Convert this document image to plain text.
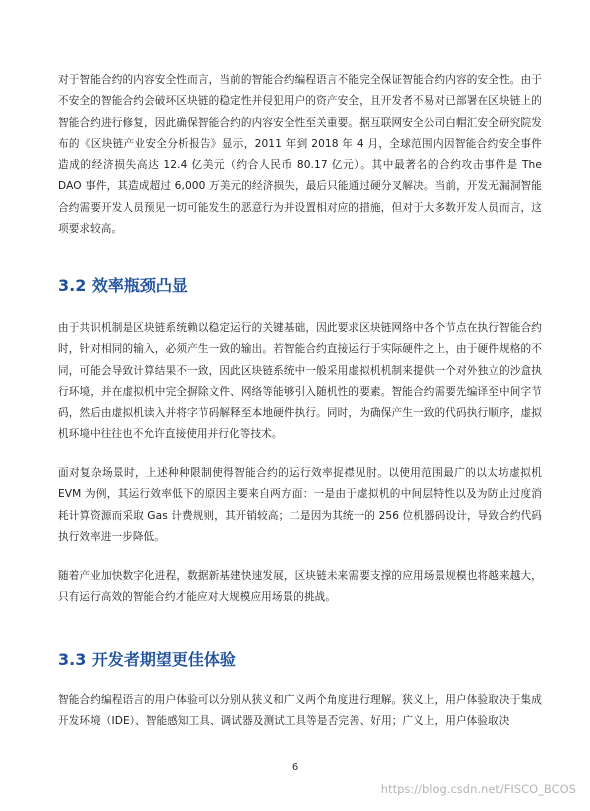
对于智能合约的内容安全性而言，当前的智能合约编程语言不能完全保证智能合约内容的安全性。由于不安全的智能合约会破坏区块链的稳定性并侵犯用户的资产安全，且开发者不易对已部署在区块链上的智能合约进行修复，因此确保智能合约的内容安全性至关重要。据互联网安全公司白帽汇安全研究院发布的《区块链产业安全分析报告》显示，2011 年到 2018 年 4 月，全球范围内因智能合约安全事件造成的经济损失高达 12.4 亿美元（约合人民币 80.17 亿元）。其中最著名的合约攻击事件是 The DAO 事件，其造成超过 6,000 万美元的经济损失，最后只能通过硬分叉解决。当前，开发无漏洞智能合约需要开发人员预见一切可能发生的恶意行为并设置相对应的措施，但对于大多数开发人员而言，这项要求较高。

3.2 效率瓶颈凸显

由于共识机制是区块链系统赖以稳定运行的关键基础，因此要求区块链网络中各个节点在执行智能合约时，针对相同的输入，必须产生一致的输出。若智能合约直接运行于实际硬件之上，由于硬件规格的不同，可能会导致计算结果不一致，因此区块链系统中一般采用虚拟机机制来提供一个对外独立的沙盒执行环境，并在虚拟机中完全摒除文件、网络等能够引入随机性的要素。智能合约需要先编译至中间字节码，然后由虚拟机读入并将字节码解释至本地硬件执行。同时，为确保产生一致的代码执行顺序，虚拟机环境中往往也不允许直接使用并行化等技术。

面对复杂场景时，上述种种限制使得智能合约的运行效率捉襟见肘。以使用范围最广的以太坊虚拟机 EVM 为例，其运行效率低下的原因主要来自两方面：一是由于虚拟机的中间层特性以及为防止过度消耗计算资源而采取 Gas 计费规则，其开销较高；二是因为其统一的 256 位机器码设计，导致合约代码执行效率进一步降低。

随着产业加快数字化进程，数据新基建快速发展，区块链未来需要支撑的应用场景规模也将越来越大，只有运行高效的智能合约才能应对大规模应用场景的挑战。

3.3 开发者期望更佳体验

智能合约编程语言的用户体验可以分别从狭义和广义两个角度进行理解。狭义上，用户体验取决于集成开发环境（IDE）、智能感知工具、调试器及测试工具等是否完善、好用；广义上，用户体验取决

6
https://blog.csdn.net/FISCO_BCOS
